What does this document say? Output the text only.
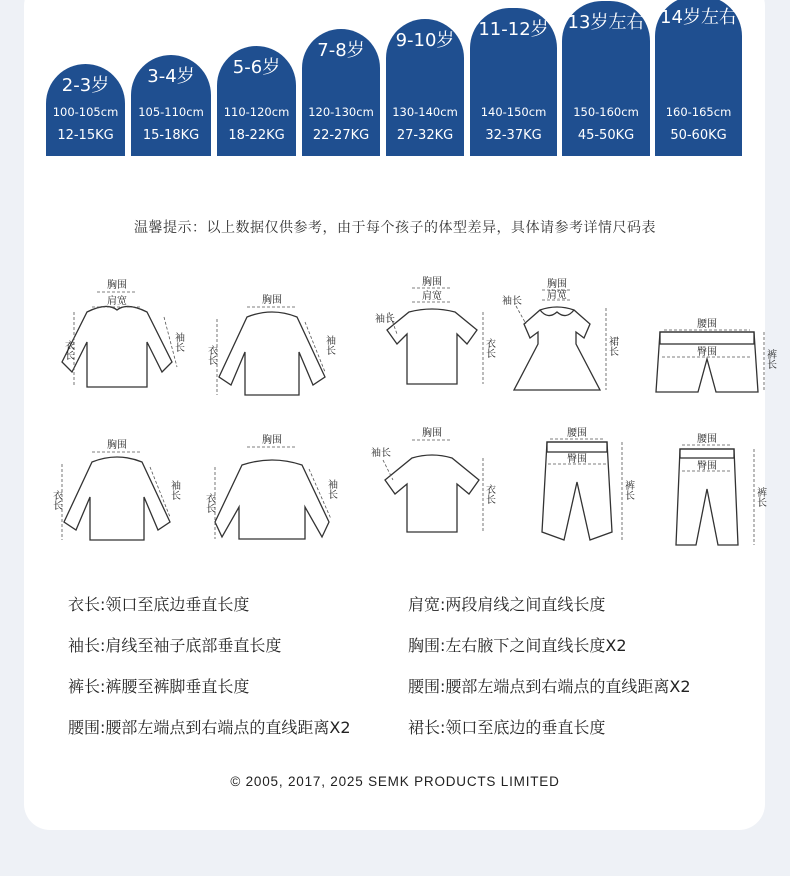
2-3岁
100-105cm
12-15KG
3-4岁
105-110cm
15-18KG
5-6岁
110-120cm
18-22KG
7-8岁
120-130cm
22-27KG
9-10岁
130-140cm
27-32KG
11-12岁
140-150cm
32-37KG
13岁左右
150-160cm
45-50KG
14岁左右
160-165cm
50-60KG
温馨提示：以上数据仅供参考，由于每个孩子的体型差异，具体请参考详情尺码表
胸围
肩宽
衣长	袖长
胸围
衣长	袖长
胸围
肩宽
袖长
衣长
胸围
肩宽
袖长
裙长
腰围
臀围	裤长
胸围
衣长	袖长
胸围
衣长
袖长
胸围
袖长
衣长
腰围
臀围
裤长
腰围
臀围
裤长
衣长:领口至底边垂直长度	肩宽:两段肩线之间直线长度
袖长:肩线至袖子底部垂直长度	胸围:左右腋下之间直线长度X2
裤长:裤腰至裤脚垂直长度	腰围:腰部左端点到右端点的直线距离X2
腰围:腰部左端点到右端点的直线距离X2	裙长:领口至底边的垂直长度
© 2005, 2017, 2025 SEMK PRODUCTS LIMITED
